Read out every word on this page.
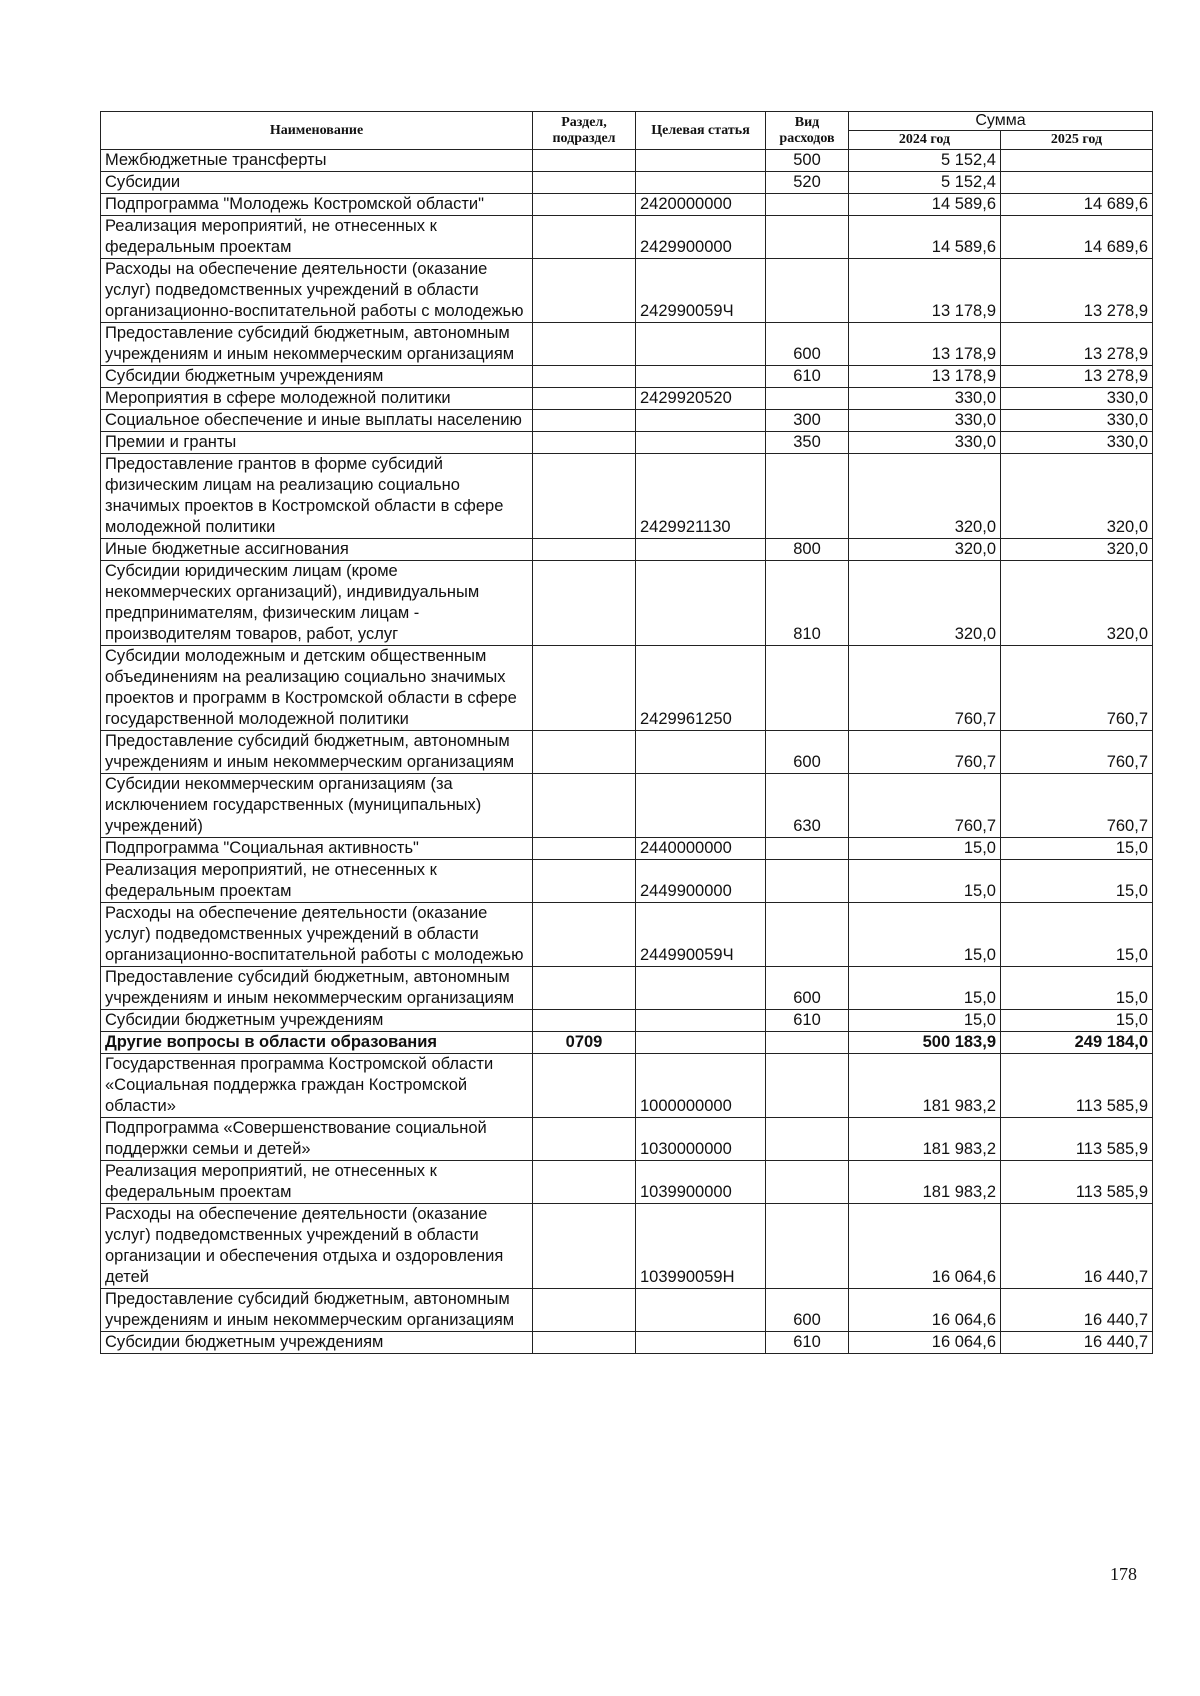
Наименование	Раздел, подраздел	Целевая статья	Вид расходов	Сумма	
				2024 год	2025 год
Межбюджетные трансферты			500	5 152,4	
Субсидии			520	5 152,4	
Подпрограмма "Молодежь Костромской области"		2420000000		14 589,6	14 689,6
Реализация мероприятий, не отнесенных к федеральным проектам		2429900000		14 589,6	14 689,6
Расходы на обеспечение деятельности (оказание услуг) подведомственных учреждений в области организационно-воспитательной работы с молодежью		242990059Ч		13 178,9	13 278,9
Предоставление субсидий бюджетным, автономным учреждениям и иным некоммерческим организациям			600	13 178,9	13 278,9
Субсидии бюджетным учреждениям			610	13 178,9	13 278,9
Мероприятия в сфере молодежной политики		2429920520		330,0	330,0
Социальное обеспечение и иные выплаты населению			300	330,0	330,0
Премии и гранты			350	330,0	330,0
Предоставление грантов в форме субсидий физическим лицам на реализацию социально значимых проектов в Костромской области в сфере молодежной политики		2429921130		320,0	320,0
Иные бюджетные ассигнования			800	320,0	320,0
Субсидии юридическим лицам (кроме некоммерческих организаций), индивидуальным предпринимателям, физическим лицам - производителям товаров, работ, услуг			810	320,0	320,0
Субсидии молодежным и детским общественным объединениям на реализацию социально значимых проектов и программ в Костромской области в сфере государственной молодежной политики		2429961250		760,7	760,7
Предоставление субсидий бюджетным, автономным учреждениям и иным некоммерческим организациям			600	760,7	760,7
Субсидии некоммерческим организациям (за исключением государственных (муниципальных) учреждений)			630	760,7	760,7
Подпрограмма "Социальная активность"		2440000000		15,0	15,0
Реализация мероприятий, не отнесенных к федеральным проектам		2449900000		15,0	15,0
Расходы на обеспечение деятельности (оказание услуг) подведомственных учреждений в области организационно-воспитательной работы с молодежью		244990059Ч		15,0	15,0
Предоставление субсидий бюджетным, автономным учреждениям и иным некоммерческим организациям			600	15,0	15,0
Субсидии бюджетным учреждениям			610	15,0	15,0
Другие вопросы в области образования	0709			500 183,9	249 184,0
Государственная программа Костромской области «Социальная поддержка граждан Костромской области»		1000000000		181 983,2	113 585,9
Подпрограмма «Совершенствование социальной поддержки семьи и детей»		1030000000		181 983,2	113 585,9
Реализация мероприятий, не отнесенных к федеральным проектам		1039900000		181 983,2	113 585,9
Расходы на обеспечение деятельности (оказание услуг) подведомственных учреждений в области организации и обеспечения отдыха и оздоровления детей		103990059Н		16 064,6	16 440,7
Предоставление субсидий бюджетным, автономным учреждениям и иным некоммерческим организациям			600	16 064,6	16 440,7
Субсидии бюджетным учреждениям			610	16 064,6	16 440,7
178
